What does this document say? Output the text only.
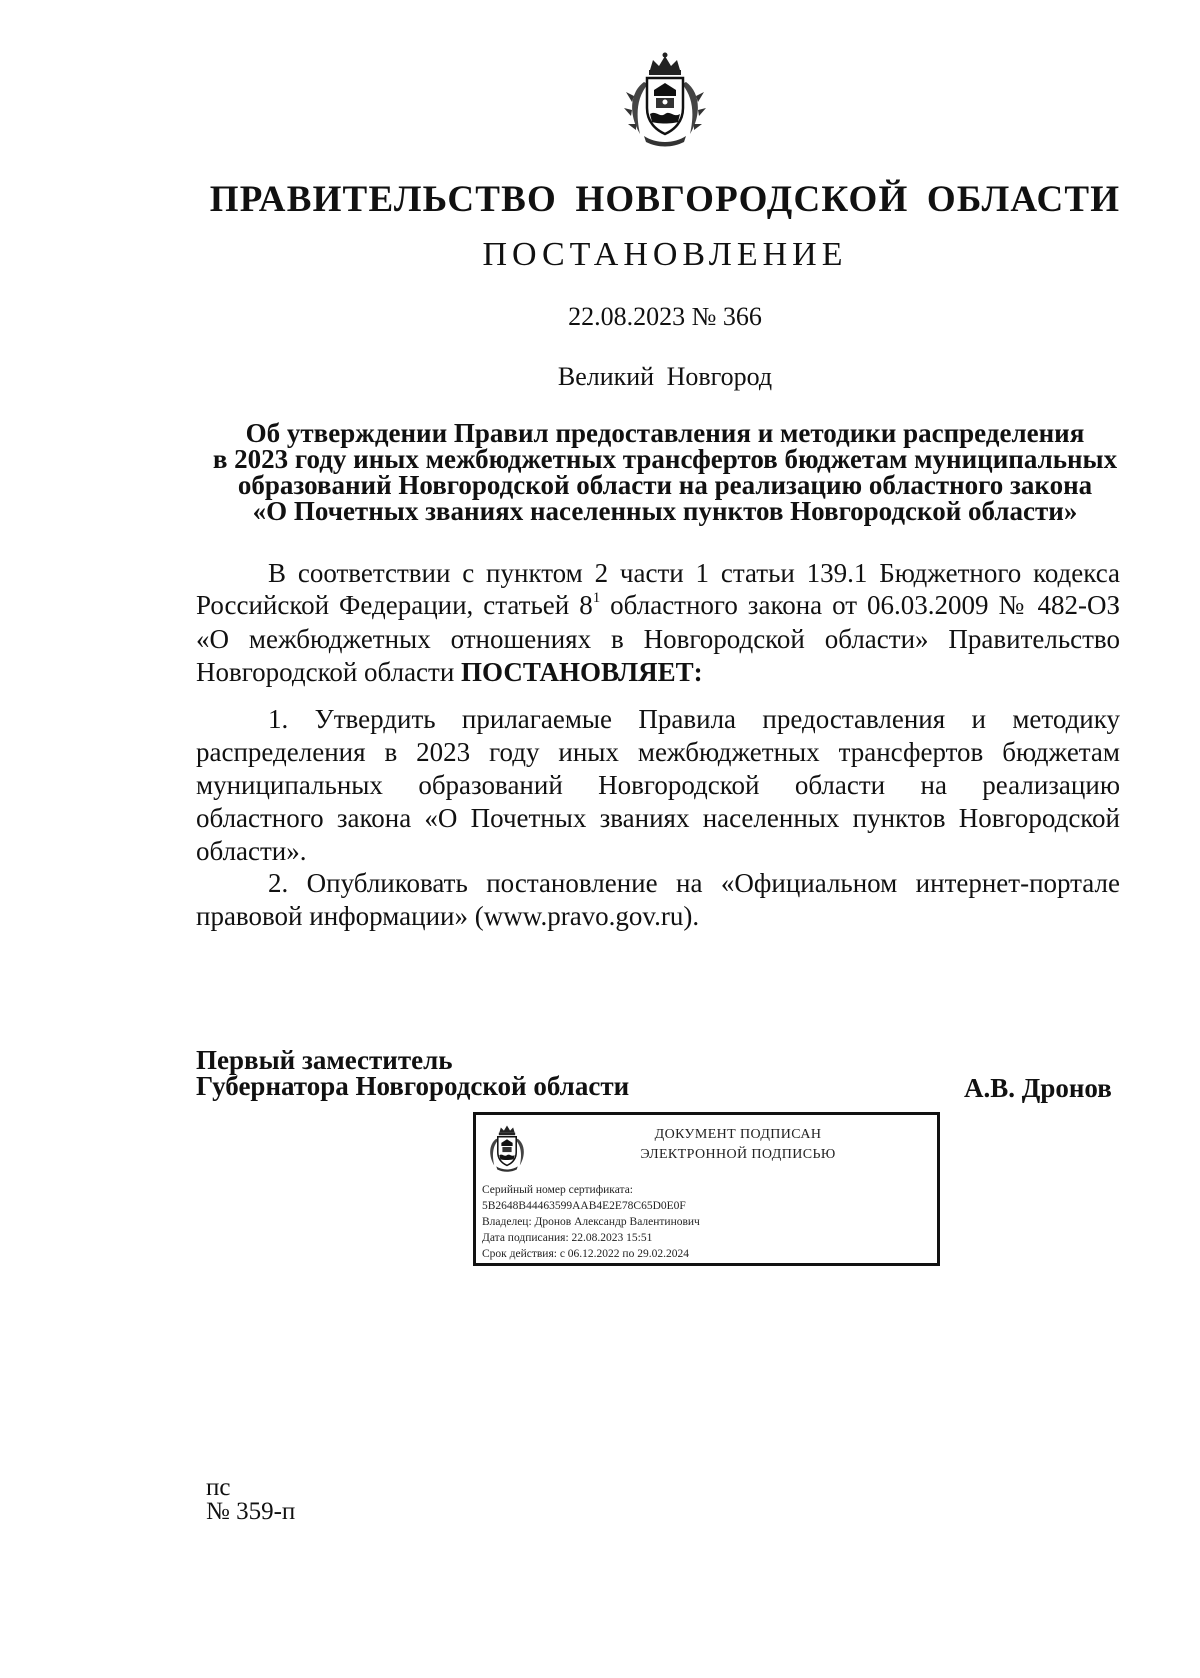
ПРАВИТЕЛЬСТВО НОВГОРОДСКОЙ ОБЛАСТИ
ПОСТАНОВЛЕНИЕ
22.08.2023 № 366
Великий Новгород
Об утверждении Правил предоставления и методики распределения
в 2023 году иных межбюджетных трансфертов бюджетам муниципальных
образований Новгородской области на реализацию областного закона
«О Почетных званиях населенных пунктов Новгородской области»
В соответствии с пунктом 2 части 1 статьи 139.1 Бюджетного кодекса
Российской Федерации, статьей $8^1$ областного закона от 06.03.2009 № 482-ОЗ
«О межбюджетных отношениях в Новгородской области» Правительство
Новгородской области ПОСТАНОВЛЯЕТ:
1. Утвердить прилагаемые Правила предоставления и методику
распределения в 2023 году иных межбюджетных трансфертов бюджетам
муниципальных образований Новгородской области на реализацию
областного закона «О Почетных званиях населенных пунктов Новгородской
области».
2. Опубликовать постановление на «Официальном интернет-портале
правовой информации» (www.pravo.gov.ru).
Первый заместитель
Губернатора Новгородской области	А.В. Дронов
ДОКУМЕНТ ПОДПИСАН
ЭЛЕКТРОННОЙ ПОДПИСЬЮ
Серийный номер сертификата:
5B2648B44463599AAB4E2E78C65D0E0F
Владелец: Дронов Александр Валентинович
Дата подписания: 22.08.2023 15:51
Срок действия: с 06.12.2022 по 29.02.2024
пс
№ 359-п
